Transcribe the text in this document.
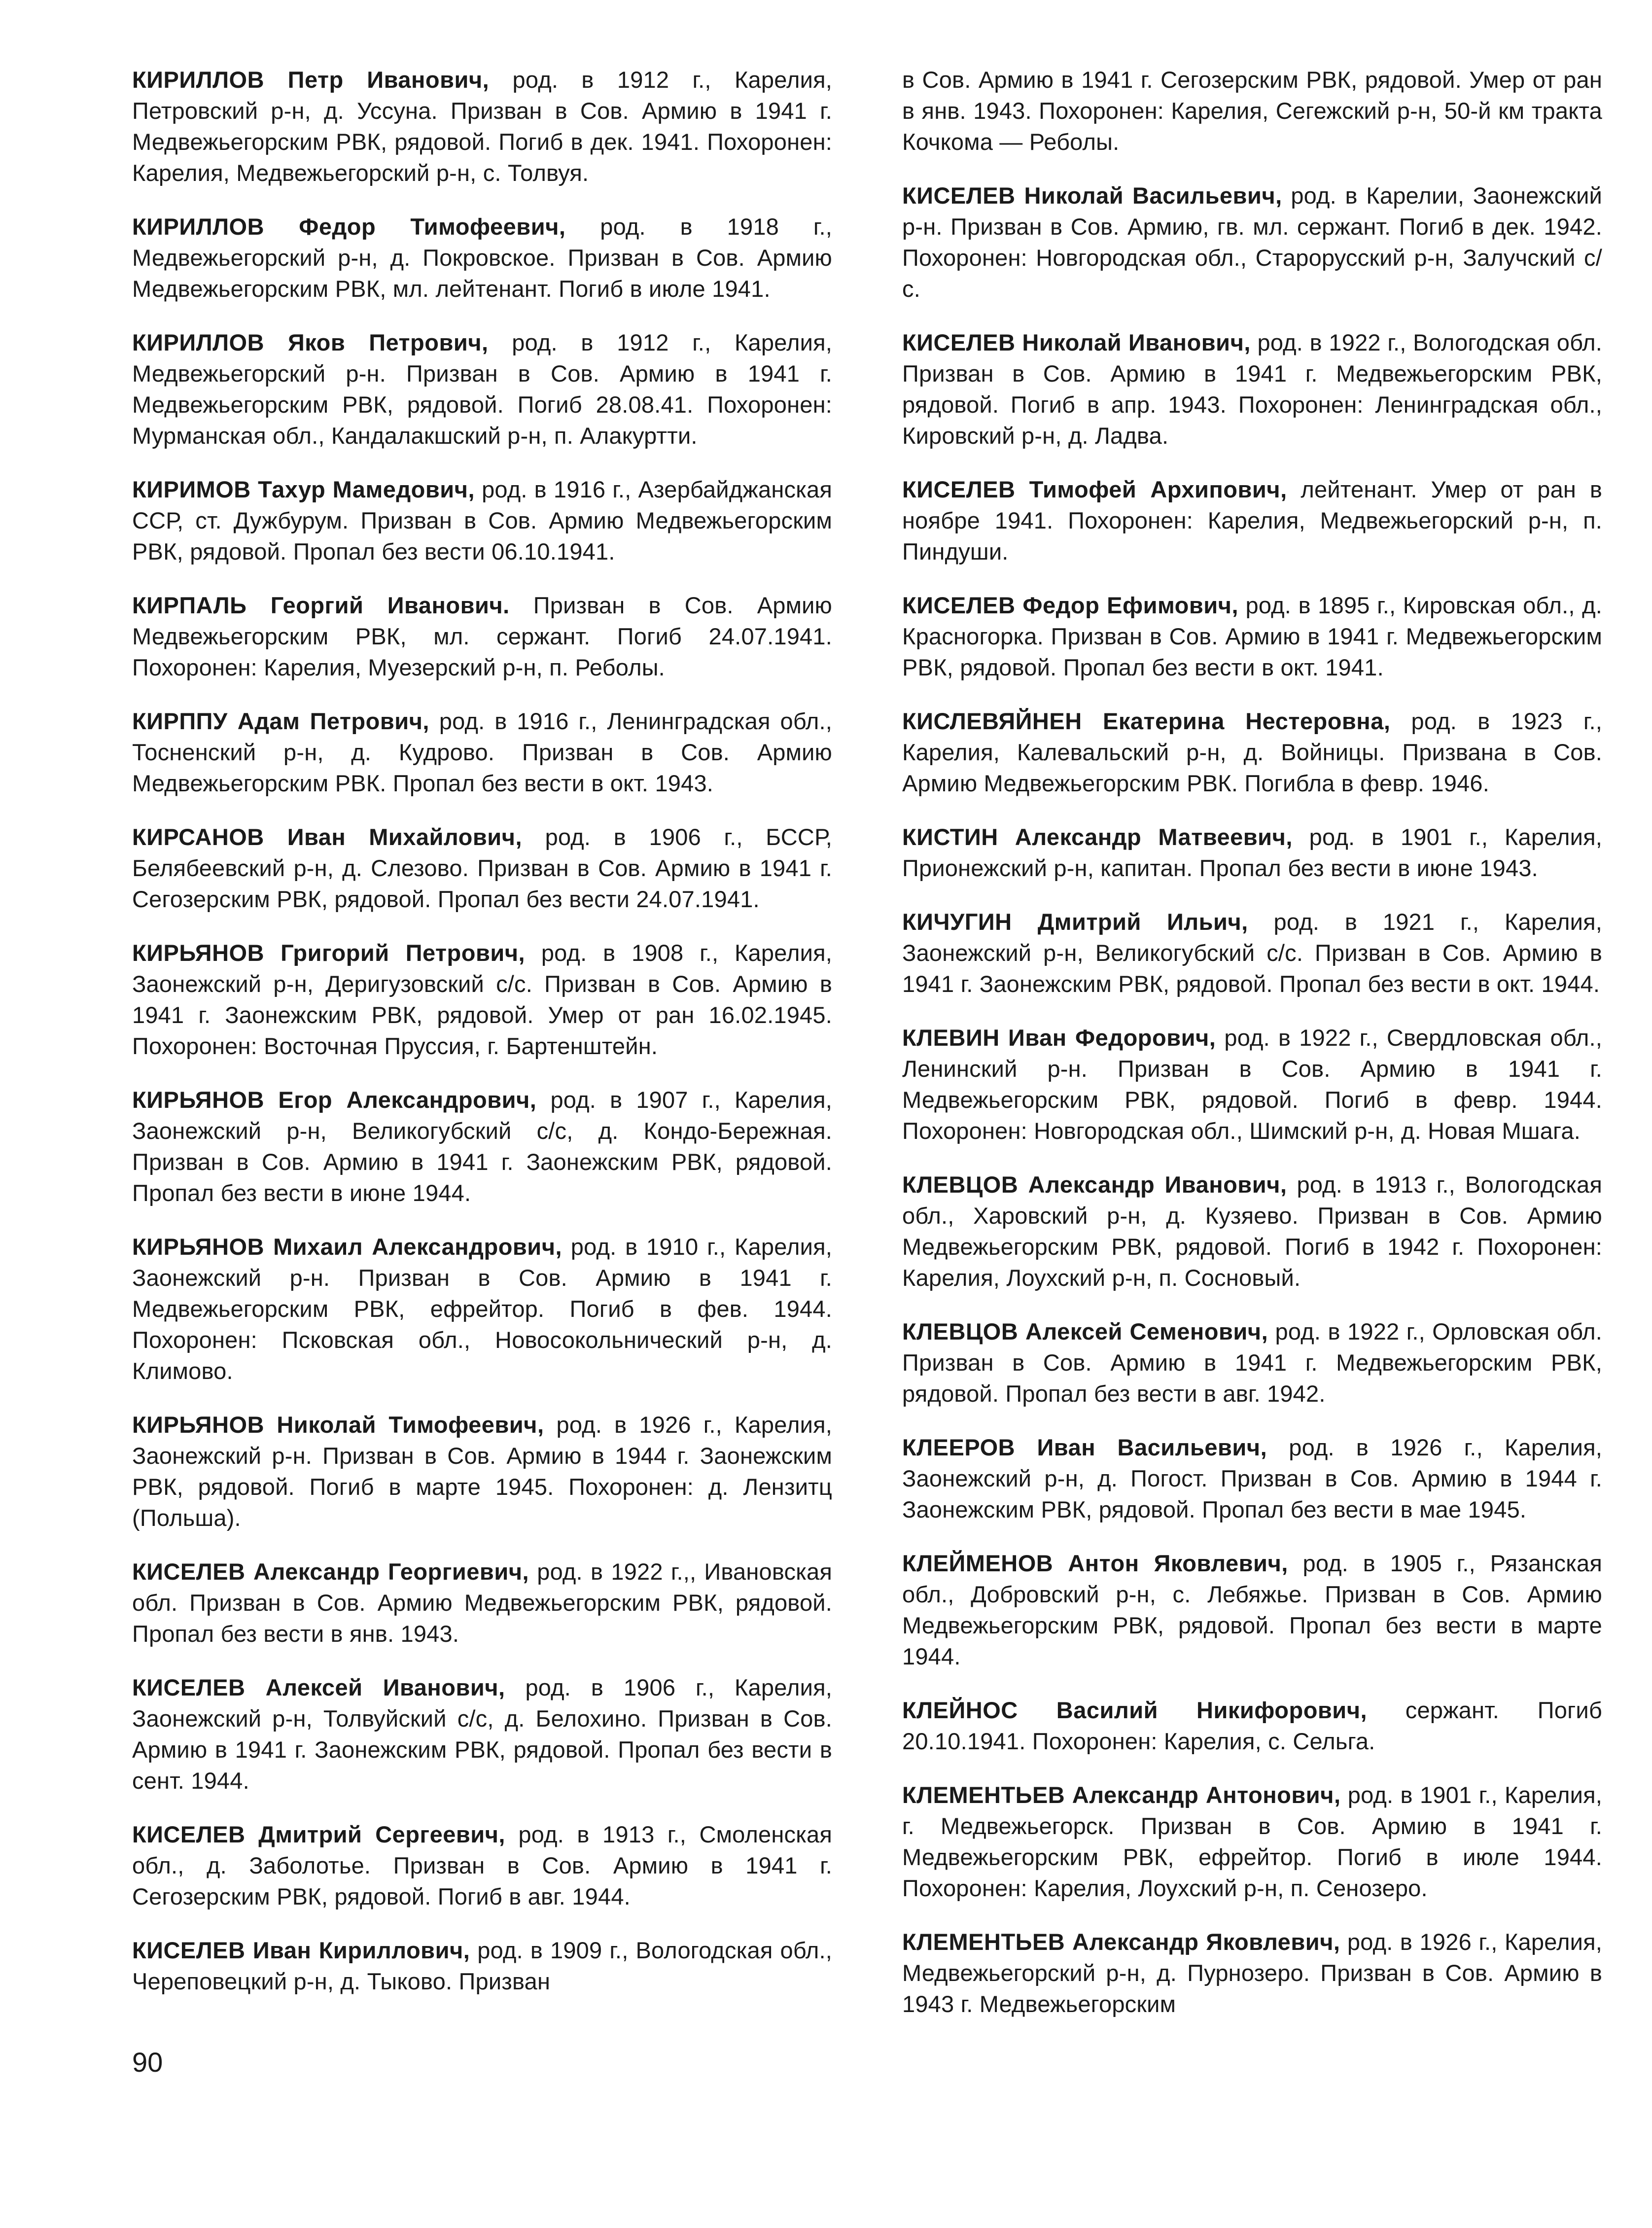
КИРИЛЛОВ Петр Иванович, род. в 1912 г., Карелия, Петровский р-н, д. Уссуна. Призван в Сов. Армию в 1941 г. Медвежьегорским РВК, рядовой. Погиб в дек. 1941. Похоронен: Карелия, Медвежьегорский р-н, с. Толвуя.

КИРИЛЛОВ Федор Тимофеевич, род. в 1918 г., Медвежьегорский р-н, д. Покровское. Призван в Сов. Армию Медвежьегорским РВК, мл. лейтенант. Погиб в июле 1941.

КИРИЛЛОВ Яков Петрович, род. в 1912 г., Карелия, Медвежьегорский р-н. Призван в Сов. Армию в 1941 г. Медвежьегорским РВК, рядовой. Погиб 28.08.41. Похоронен: Мурманская обл., Кандалакшский р-н, п. Алакуртти.

КИРИМОВ Тахур Мамедович, род. в 1916 г., Азербайджанская ССР, ст. Дужбурум. Призван в Сов. Армию Медвежьегорским РВК, рядовой. Пропал без вести 06.10.1941.

КИРПАЛЬ Георгий Иванович. Призван в Сов. Армию Медвежьегорским РВК, мл. сержант. Погиб 24.07.1941. Похоронен: Карелия, Муезерский р-н, п. Реболы.

КИРППУ Адам Петрович, род. в 1916 г., Ленинградская обл., Тосненский р-н, д. Кудрово. Призван в Сов. Армию Медвежьегорским РВК. Пропал без вести в окт. 1943.

КИРСАНОВ Иван Михайлович, род. в 1906 г., БССР, Белябеевский р-н, д. Слезово. Призван в Сов. Армию в 1941 г. Сегозерским РВК, рядовой. Пропал без вести 24.07.1941.

КИРЬЯНОВ Григорий Петрович, род. в 1908 г., Карелия, Заонежский р-н, Деригузовский с/с. Призван в Сов. Армию в 1941 г. Заонежским РВК, рядовой. Умер от ран 16.02.1945. Похоронен: Восточная Пруссия, г. Бартенштейн.

КИРЬЯНОВ Егор Александрович, род. в 1907 г., Карелия, Заонежский р-н, Великогубский с/с, д. Кондо-Бережная. Призван в Сов. Армию в 1941 г. Заонежским РВК, рядовой. Пропал без вести в июне 1944.

КИРЬЯНОВ Михаил Александрович, род. в 1910 г., Карелия, Заонежский р-н. Призван в Сов. Армию в 1941 г. Медвежьегорским РВК, ефрейтор. Погиб в фев. 1944. Похоронен: Псковская обл., Новосокольнический р-н, д. Климово.

КИРЬЯНОВ Николай Тимофеевич, род. в 1926 г., Карелия, Заонежский р-н. Призван в Сов. Армию в 1944 г. Заонежским РВК, рядовой. Погиб в марте 1945. Похоронен: д. Лензитц (Польша).

КИСЕЛЕВ Александр Георгиевич, род. в 1922 г.,, Ивановская обл. Призван в Сов. Армию Медвежьегорским РВК, рядовой. Пропал без вести в янв. 1943.

КИСЕЛЕВ Алексей Иванович, род. в 1906 г., Карелия, Заонежский р-н, Толвуйский с/с, д. Белохино. Призван в Сов. Армию в 1941 г. Заонежским РВК, рядовой. Пропал без вести в сент. 1944.

КИСЕЛЕВ Дмитрий Сергеевич, род. в 1913 г., Смоленская обл., д. Заболотье. Призван в Сов. Армию в 1941 г. Сегозерским РВК, рядовой. Погиб в авг. 1944.

КИСЕЛЕВ Иван Кириллович, род. в 1909 г., Вологодская обл., Череповецкий р-н, д. Тыково. Призван

в Сов. Армию в 1941 г. Сегозерским РВК, рядовой. Умер от ран в янв. 1943. Похоронен: Карелия, Сегежский р-н, 50-й км тракта Кочкома — Реболы.

КИСЕЛЕВ Николай Васильевич, род. в Карелии, Заонежский р-н. Призван в Сов. Армию, гв. мл. сержант. Погиб в дек. 1942. Похоронен: Новгородская обл., Старорусский р-н, Залучский с/с.

КИСЕЛЕВ Николай Иванович, род. в 1922 г., Вологодская обл. Призван в Сов. Армию в 1941 г. Медвежьегорским РВК, рядовой. Погиб в апр. 1943. Похоронен: Ленинградская обл., Кировский р-н, д. Ладва.

КИСЕЛЕВ Тимофей Архипович, лейтенант. Умер от ран в ноябре 1941. Похоронен: Карелия, Медвежьегорский р-н, п. Пиндуши.

КИСЕЛЕВ Федор Ефимович, род. в 1895 г., Кировская обл., д. Красногорка. Призван в Сов. Армию в 1941 г. Медвежьегорским РВК, рядовой. Пропал без вести в окт. 1941.

КИСЛЕВЯЙНЕН Екатерина Нестеровна, род. в 1923 г., Карелия, Калевальский р-н, д. Войницы. Призвана в Сов. Армию Медвежьегорским РВК. Погибла в февр. 1946.

КИСТИН Александр Матвеевич, род. в 1901 г., Карелия, Прионежский р-н, капитан. Пропал без вести в июне 1943.

КИЧУГИН Дмитрий Ильич, род. в 1921 г., Карелия, Заонежский р-н, Великогубский с/с. Призван в Сов. Армию в 1941 г. Заонежским РВК, рядовой. Пропал без вести в окт. 1944.

КЛЕВИН Иван Федорович, род. в 1922 г., Свердловская обл., Ленинский р-н. Призван в Сов. Армию в 1941 г. Медвежьегорским РВК, рядовой. Погиб в февр. 1944. Похоронен: Новгородская обл., Шимский р-н, д. Новая Мшага.

КЛЕВЦОВ Александр Иванович, род. в 1913 г., Вологодская обл., Харовский р-н, д. Кузяево. Призван в Сов. Армию Медвежьегорским РВК, рядовой. Погиб в 1942 г. Похоронен: Карелия, Лоухский р-н, п. Сосновый.

КЛЕВЦОВ Алексей Семенович, род. в 1922 г., Орловская обл. Призван в Сов. Армию в 1941 г. Медвежьегорским РВК, рядовой. Пропал без вести в авг. 1942.

КЛЕЕРОВ Иван Васильевич, род. в 1926 г., Карелия, Заонежский р-н, д. Погост. Призван в Сов. Армию в 1944 г. Заонежским РВК, рядовой. Пропал без вести в мае 1945.

КЛЕЙМЕНОВ Антон Яковлевич, род. в 1905 г., Рязанская обл., Добровский р-н, с. Лебяжье. Призван в Сов. Армию Медвежьегорским РВК, рядовой. Пропал без вести в марте 1944.

КЛЕЙНОС Василий Никифорович, сержант. Погиб 20.10.1941. Похоронен: Карелия, с. Сельга.

КЛЕМЕНТЬЕВ Александр Антонович, род. в 1901 г., Карелия, г. Медвежьегорск. Призван в Сов. Армию в 1941 г. Медвежьегорским РВК, ефрейтор. Погиб в июле 1944. Похоронен: Карелия, Лоухский р-н, п. Сенозеро.

КЛЕМЕНТЬЕВ Александр Яковлевич, род. в 1926 г., Карелия, Медвежьегорский р-н, д. Пурнозеро. Призван в Сов. Армию в 1943 г. Медвежьегорским

90
